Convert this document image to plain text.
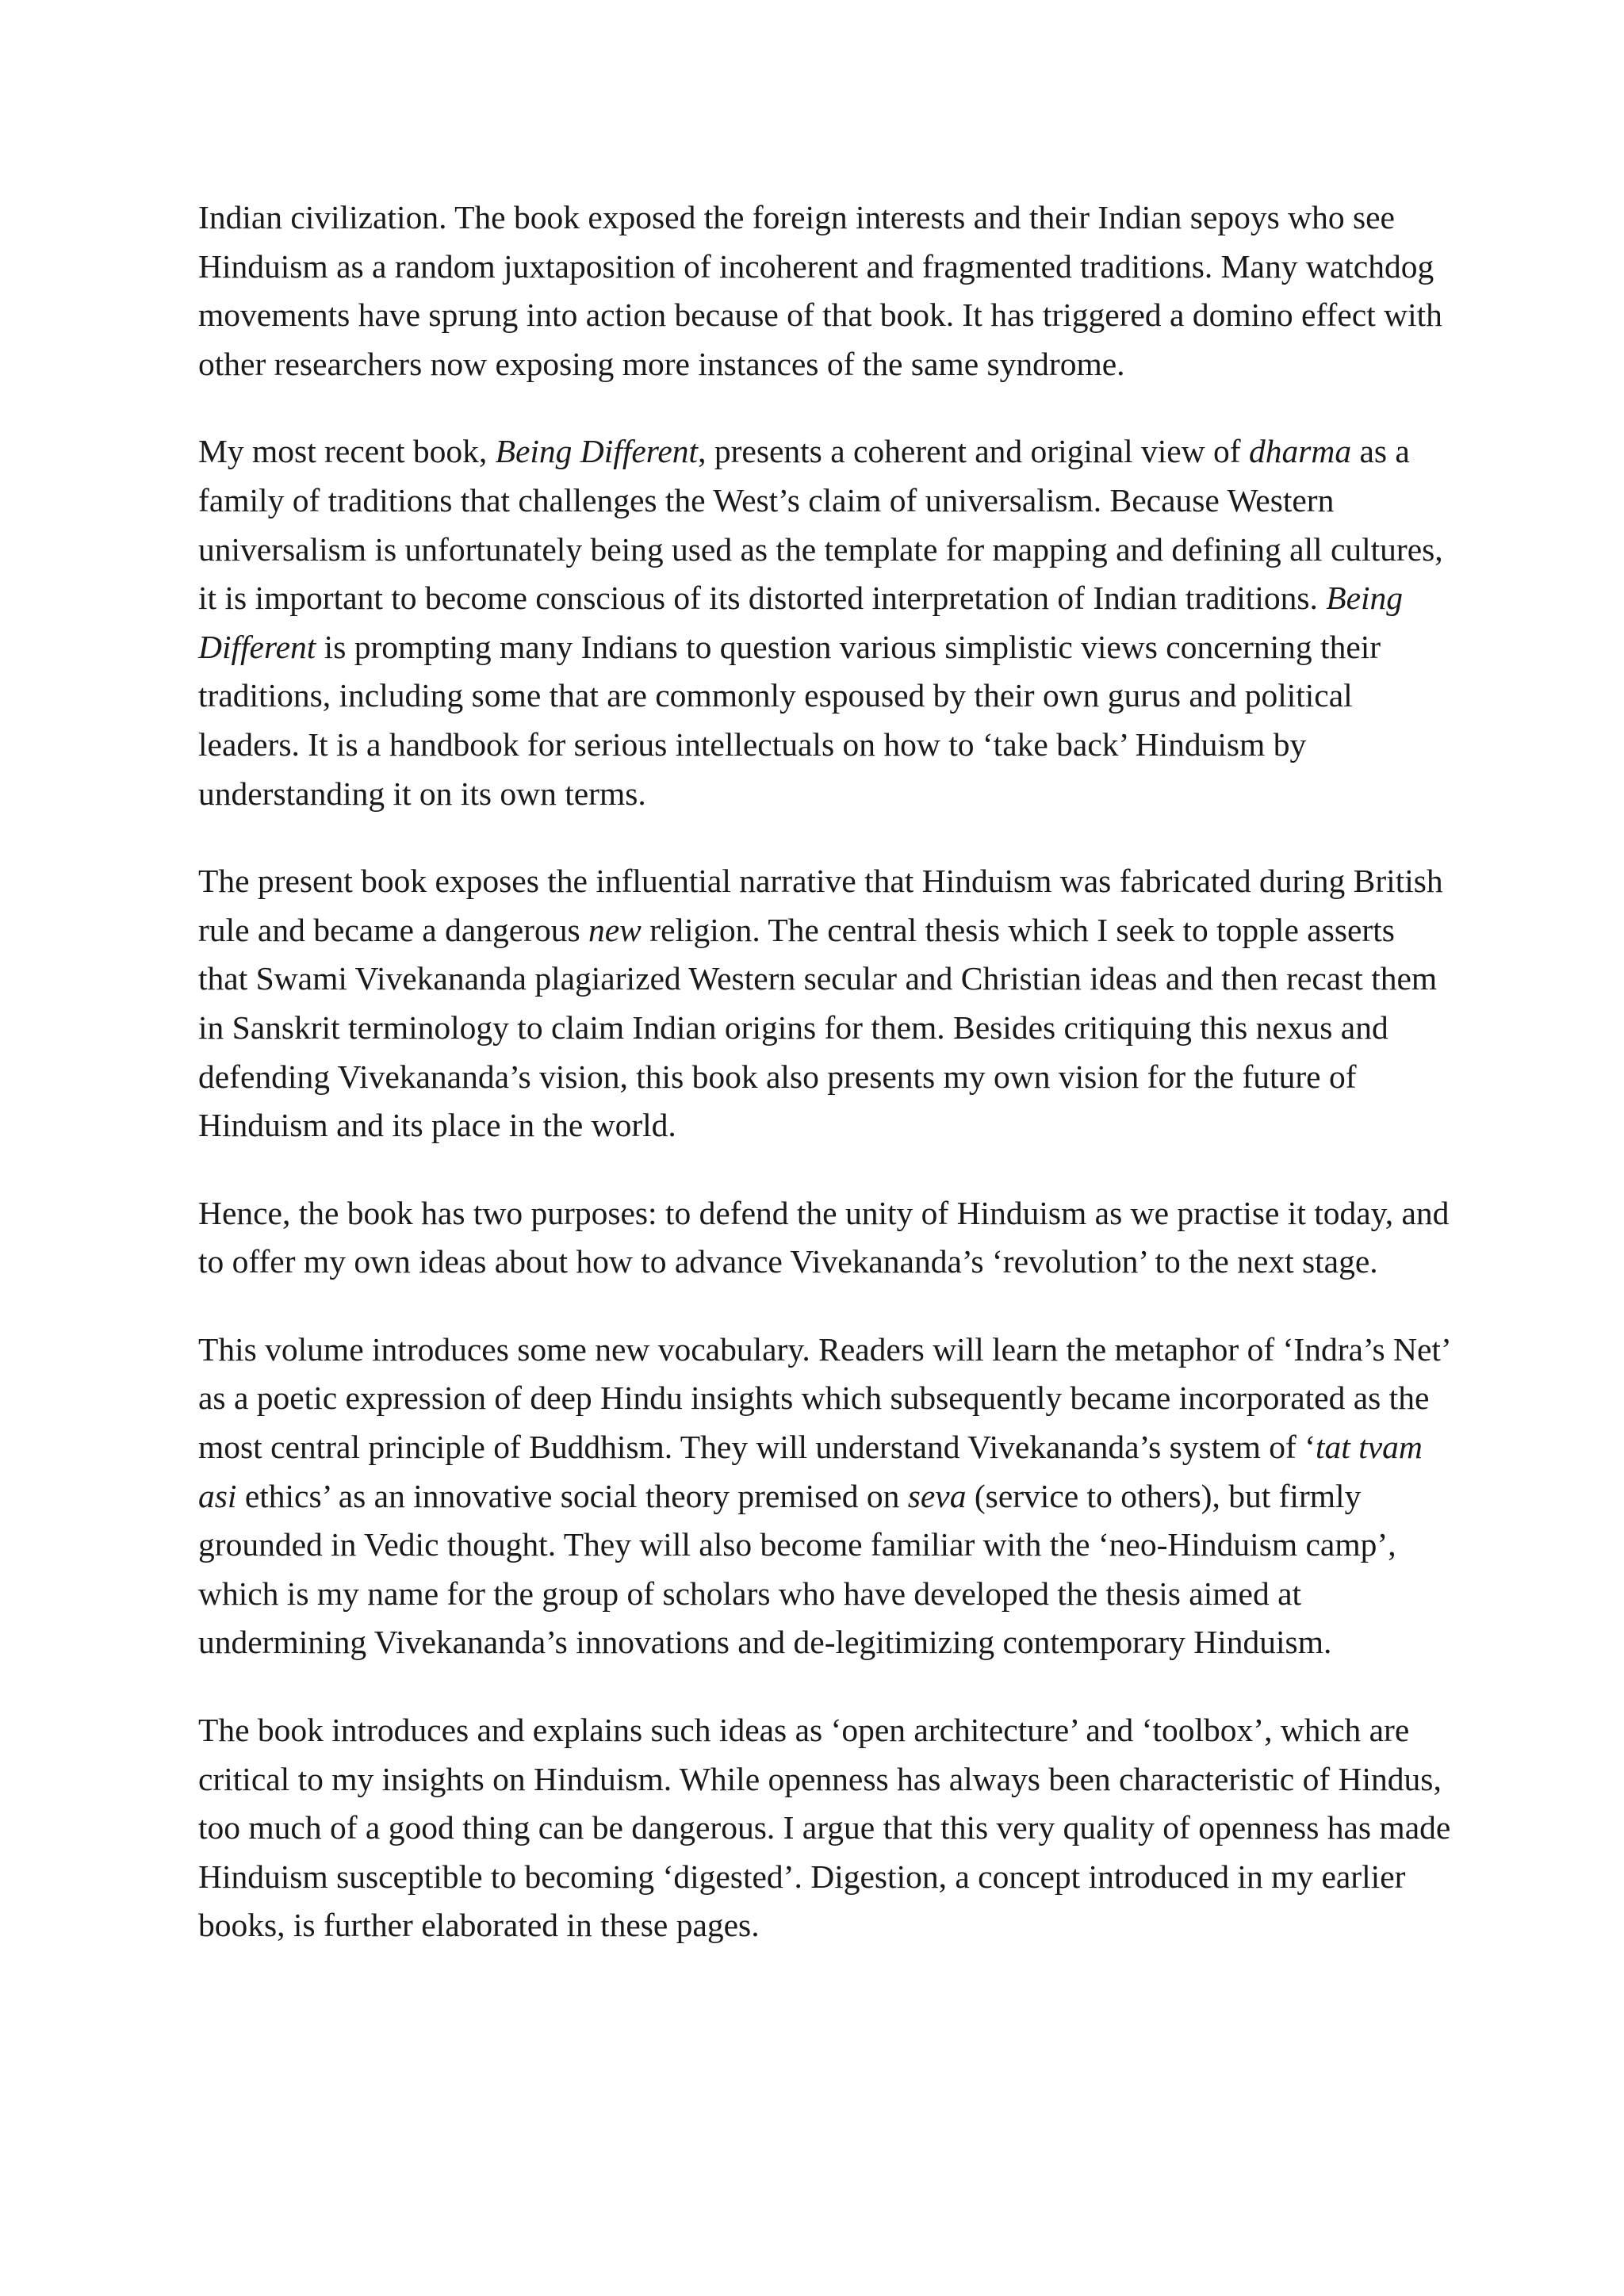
Indian civilization. The book exposed the foreign interests and their Indian sepoys who see Hinduism as a random juxtaposition of incoherent and fragmented traditions. Many watchdog movements have sprung into action because of that book. It has triggered a domino effect with other researchers now exposing more instances of the same syndrome.

My most recent book, Being Different, presents a coherent and original view of dharma as a family of traditions that challenges the West’s claim of universalism. Because Western universalism is unfortunately being used as the template for mapping and defining all cultures, it is important to become conscious of its distorted interpretation of Indian traditions. Being Different is prompting many Indians to question various simplistic views concerning their traditions, including some that are commonly espoused by their own gurus and political leaders. It is a handbook for serious intellectuals on how to ‘take back’ Hinduism by understanding it on its own terms.

The present book exposes the influential narrative that Hinduism was fabricated during British rule and became a dangerous new religion. The central thesis which I seek to topple asserts that Swami Vivekananda plagiarized Western secular and Christian ideas and then recast them in Sanskrit terminology to claim Indian origins for them. Besides critiquing this nexus and defending Vivekananda’s vision, this book also presents my own vision for the future of Hinduism and its place in the world.

Hence, the book has two purposes: to defend the unity of Hinduism as we practise it today, and to offer my own ideas about how to advance Vivekananda’s ‘revolution’ to the next stage.

This volume introduces some new vocabulary. Readers will learn the metaphor of ‘Indra’s Net’ as a poetic expression of deep Hindu insights which subsequently became incorporated as the most central principle of Buddhism. They will understand Vivekananda’s system of ‘tat tvam asi ethics’ as an innovative social theory premised on seva (service to others), but firmly grounded in Vedic thought. They will also become familiar with the ‘neo-Hinduism camp’, which is my name for the group of scholars who have developed the thesis aimed at undermining Vivekananda’s innovations and de-legitimizing contemporary Hinduism.

The book introduces and explains such ideas as ‘open architecture’ and ‘toolbox’, which are critical to my insights on Hinduism. While openness has always been characteristic of Hindus, too much of a good thing can be dangerous. I argue that this very quality of openness has made Hinduism susceptible to becoming ‘digested’. Digestion, a concept introduced in my earlier books, is further elaborated in these pages.
